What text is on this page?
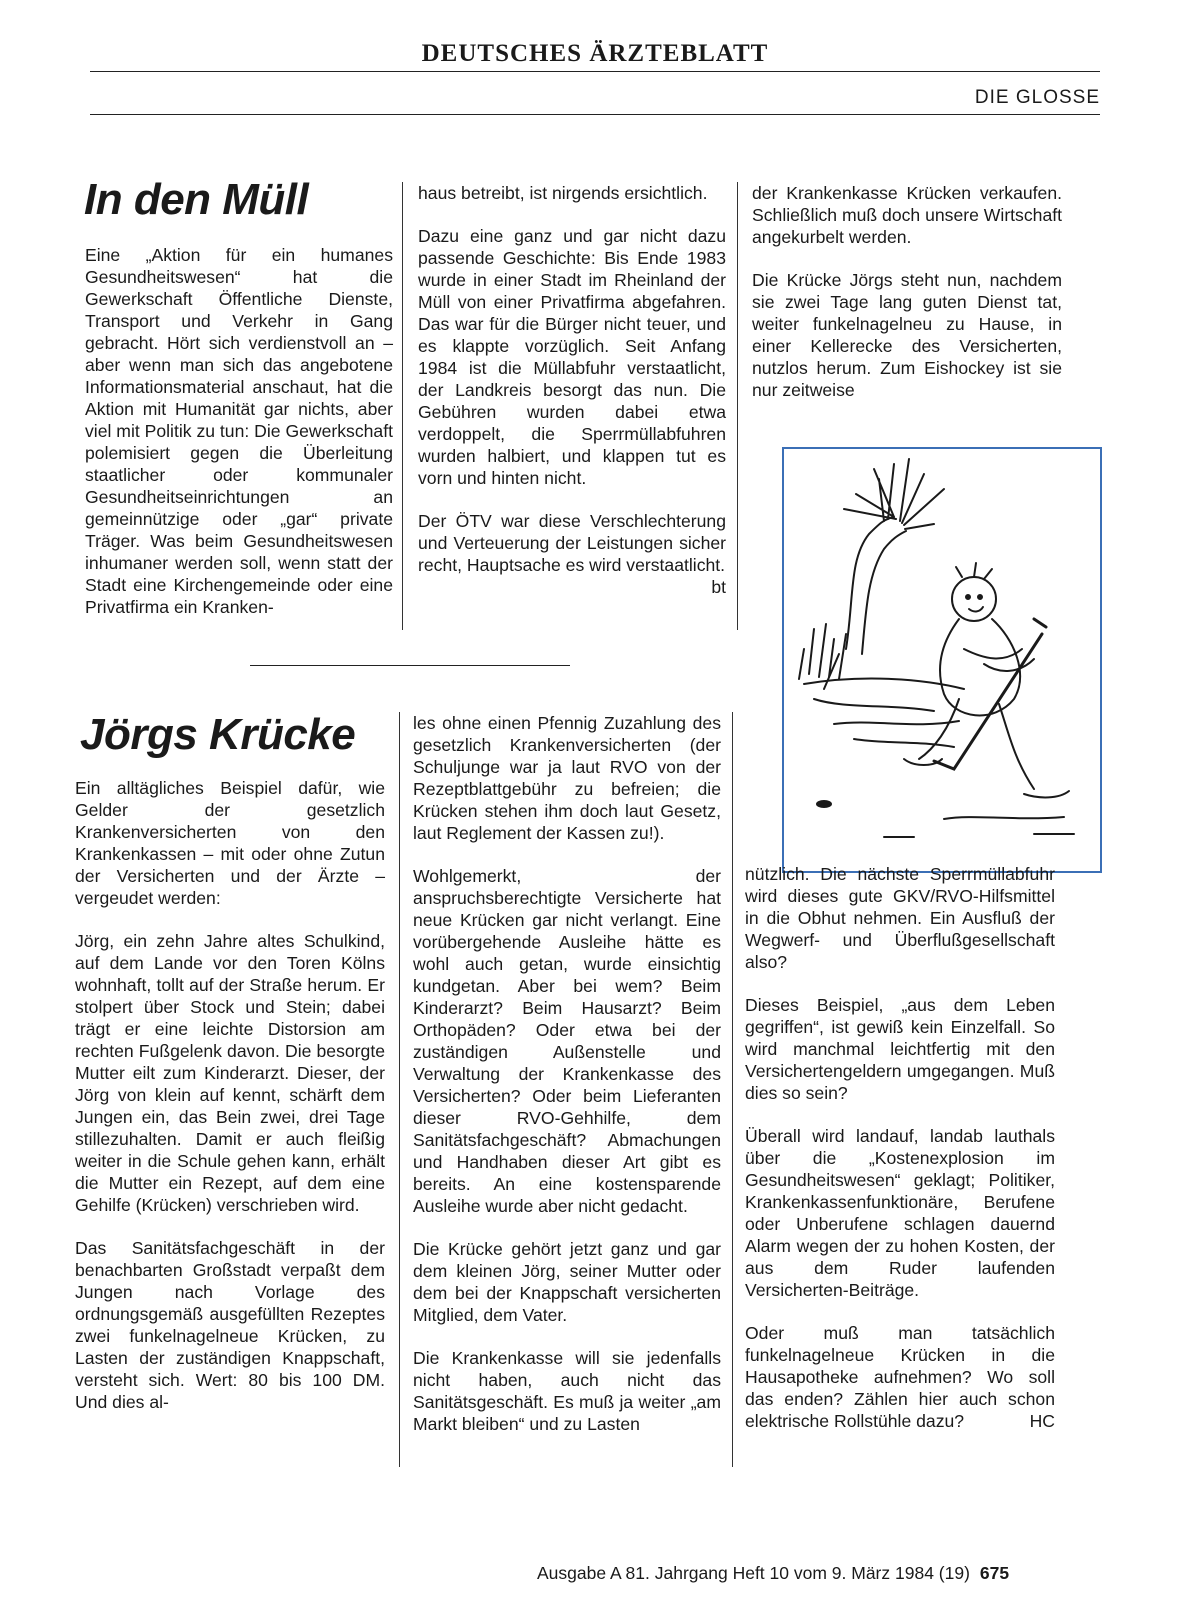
DEUTSCHES ÄRZTEBLATT
DIE GLOSSE
In den Müll

Eine „Aktion für ein humanes Gesundheitswesen“ hat die Gewerkschaft Öffentliche Dienste, Transport und Verkehr in Gang gebracht. Hört sich verdienstvoll an – aber wenn man sich das angebotene Informationsmaterial anschaut, hat die Aktion mit Humanität gar nichts, aber viel mit Politik zu tun: Die Gewerkschaft polemisiert gegen die Überleitung staatlicher oder kommunaler Gesundheitseinrichtungen an gemeinnützige oder „gar“ private Träger. Was beim Gesundheitswesen inhumaner werden soll, wenn statt der Stadt eine Kirchengemeinde oder eine Privatfirma ein Kranken-

haus betreibt, ist nirgends ersichtlich.

Dazu eine ganz und gar nicht dazu passende Geschichte: Bis Ende 1983 wurde in einer Stadt im Rheinland der Müll von einer Privatfirma abgefahren. Das war für die Bürger nicht teuer, und es klappte vorzüglich. Seit Anfang 1984 ist die Müllabfuhr verstaatlicht, der Landkreis besorgt das nun. Die Gebühren wurden dabei etwa verdoppelt, die Sperrmüllabfuhren wurden halbiert, und klappen tut es vorn und hinten nicht.

Der ÖTV war diese Verschlechterung und Verteuerung der Leistungen sicher recht, Hauptsache es wird verstaatlicht.
bt

der Krankenkasse Krücken verkaufen. Schließlich muß doch unsere Wirtschaft angekurbelt werden.

Die Krücke Jörgs steht nun, nachdem sie zwei Tage lang guten Dienst tat, weiter funkelnagelneu zu Hause, in einer Kellerecke des Versicherten, nutzlos herum. Zum Eishockey ist sie nur zeitweise

Jörgs Krücke

Ein alltägliches Beispiel dafür, wie Gelder der gesetzlich Krankenversicherten von den Krankenkassen – mit oder ohne Zutun der Versicherten und der Ärzte – vergeudet werden:

Jörg, ein zehn Jahre altes Schulkind, auf dem Lande vor den Toren Kölns wohnhaft, tollt auf der Straße herum. Er stolpert über Stock und Stein; dabei trägt er eine leichte Distorsion am rechten Fußgelenk davon. Die besorgte Mutter eilt zum Kinderarzt. Dieser, der Jörg von klein auf kennt, schärft dem Jungen ein, das Bein zwei, drei Tage stillezuhalten. Damit er auch fleißig weiter in die Schule gehen kann, erhält die Mutter ein Rezept, auf dem eine Gehilfe (Krücken) verschrieben wird.

Das Sanitätsfachgeschäft in der benachbarten Großstadt verpaßt dem Jungen nach Vorlage des ordnungsgemäß ausgefüllten Rezeptes zwei funkelnagelneue Krücken, zu Lasten der zuständigen Knappschaft, versteht sich. Wert: 80 bis 100 DM. Und dies al-

les ohne einen Pfennig Zuzahlung des gesetzlich Krankenversicherten (der Schuljunge war ja laut RVO von der Rezeptblattgebühr zu befreien; die Krücken stehen ihm doch laut Gesetz, laut Reglement der Kassen zu!).

Wohlgemerkt, der anspruchsberechtigte Versicherte hat neue Krücken gar nicht verlangt. Eine vorübergehende Ausleihe hätte es wohl auch getan, wurde einsichtig kundgetan. Aber bei wem? Beim Kinderarzt? Beim Hausarzt? Beim Orthopäden? Oder etwa bei der zuständigen Außenstelle und Verwaltung der Krankenkasse des Versicherten? Oder beim Lieferanten dieser RVO-Gehhilfe, dem Sanitätsfachgeschäft? Abmachungen und Handhaben dieser Art gibt es bereits. An eine kostensparende Ausleihe wurde aber nicht gedacht.

Die Krücke gehört jetzt ganz und gar dem kleinen Jörg, seiner Mutter oder dem bei der Knappschaft versicherten Mitglied, dem Vater.

Die Krankenkasse will sie jedenfalls nicht haben, auch nicht das Sanitätsgeschäft. Es muß ja weiter „am Markt bleiben“ und zu Lasten

nützlich. Die nächste Sperrmüllabfuhr wird dieses gute GKV/RVO-Hilfsmittel in die Obhut nehmen. Ein Ausfluß der Wegwerf- und Überflußgesellschaft also?

Dieses Beispiel, „aus dem Leben gegriffen“, ist gewiß kein Einzelfall. So wird manchmal leichtfertig mit den Versichertengeldern umgegangen. Muß dies so sein?

Überall wird landauf, landab lauthals über die „Kostenexplosion im Gesundheitswesen“ geklagt; Politiker, Krankenkassenfunktionäre, Berufene oder Unberufene schlagen dauernd Alarm wegen der zu hohen Kosten, der aus dem Ruder laufenden Versicherten-Beiträge.

Oder muß man tatsächlich funkelnagelneue Krücken in die Hausapotheke aufnehmen? Wo soll das enden? Zählen hier auch schon elektrische Rollstühle dazu?	HC

Ausgabe A 81. Jahrgang Heft 10 vom 9. März 1984 (19) 675
